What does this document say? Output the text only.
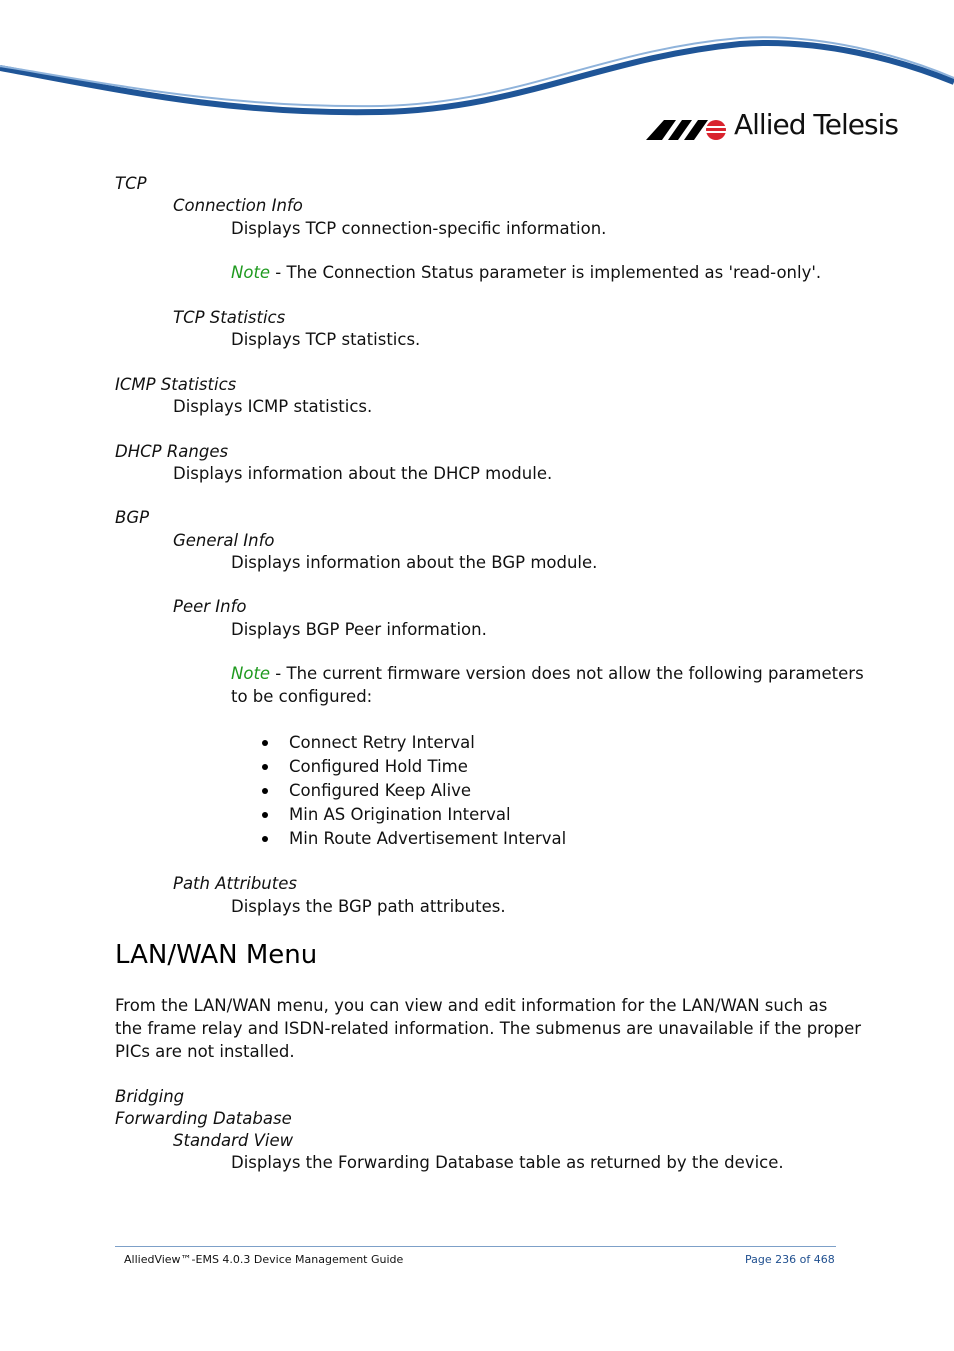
Allied Telesis
TCP
Connection Info
Displays TCP connection-specific information.
Note - The Connection Status parameter is implemented as 'read-only'.
TCP Statistics
Displays TCP statistics.
ICMP Statistics
Displays ICMP statistics.
DHCP Ranges
Displays information about the DHCP module.
BGP
General Info
Displays information about the BGP module.
Peer Info
Displays BGP Peer information.
Note - The current firmware version does not allow the following parameters
to be configured:
Connect Retry Interval
Configured Hold Time
Configured Keep Alive
Min AS Origination Interval
Min Route Advertisement Interval
Path Attributes
Displays the BGP path attributes.
LAN/WAN Menu
From the LAN/WAN menu, you can view and edit information for the LAN/WAN such as
the frame relay and ISDN-related information. The submenus are unavailable if the proper
PICs are not installed.
Bridging
Forwarding Database
Standard View
Displays the Forwarding Database table as returned by the device.
AlliedView™-EMS 4.0.3 Device Management Guide	Page 236 of 468
